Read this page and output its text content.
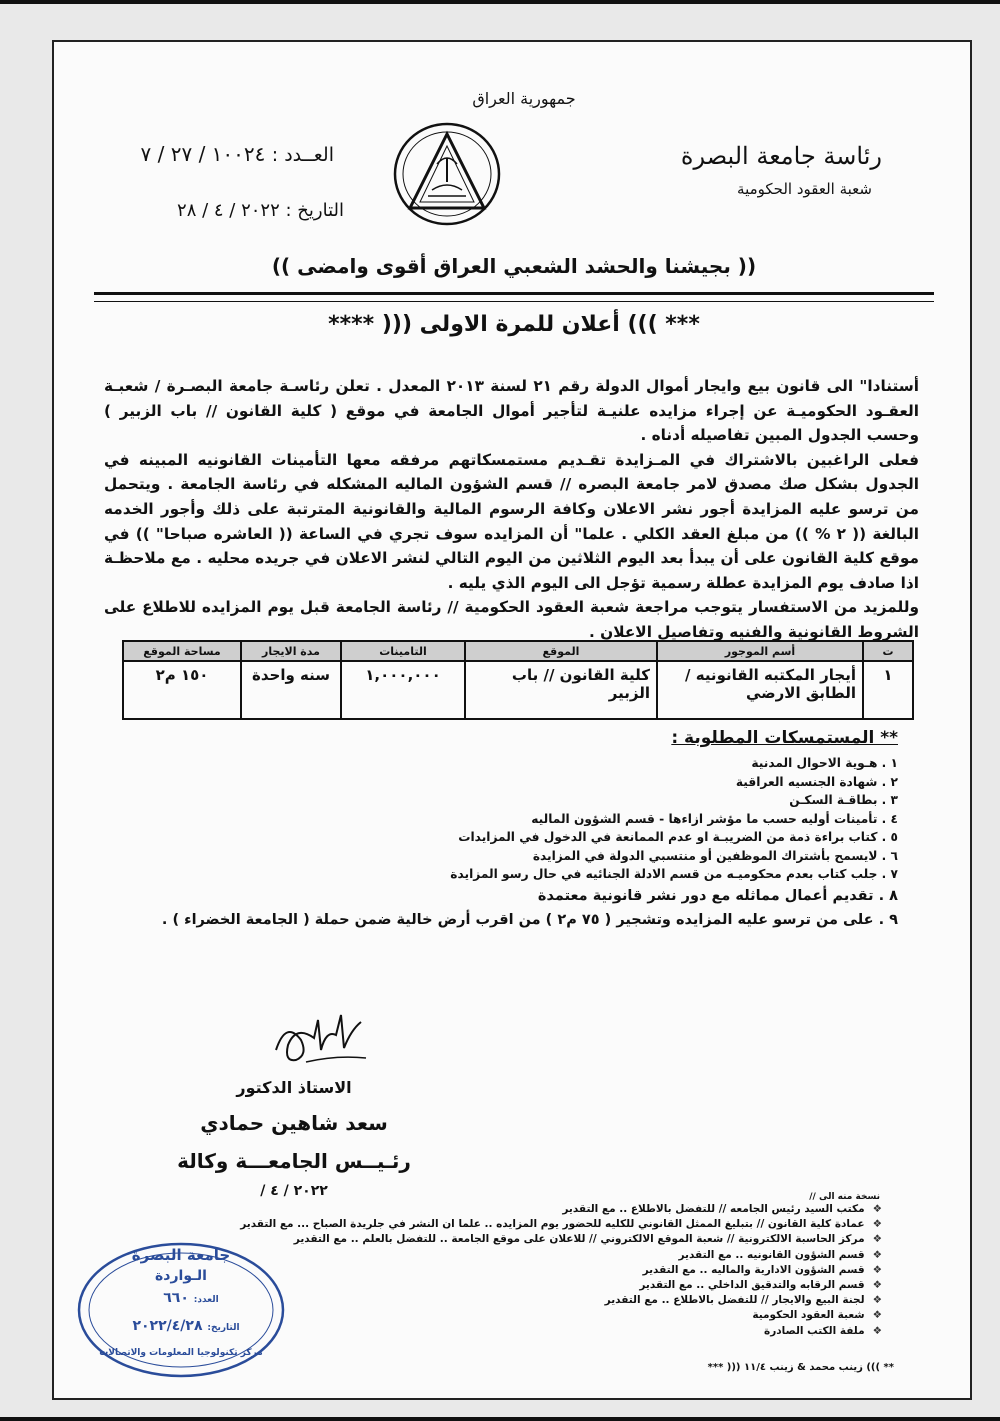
جمهورية العراق
رئاسة جامعة البصرة
شعبة العقود الحكومية
العــدد : ١٠٠٢٤ / ٢٧ / ٧
التاريخ : ٢٠٢٢ / ٤ / ٢٨
(( بجيشنا والحشد الشعبي العراق أقوى وامضى ))
*** ))) أعلان للمرة الاولى ((( ****

أستنادا" الى قانون بيع وايجار أموال الدولة رقم ٢١ لسنة ٢٠١٣ المعدل . تعلن رئاسـة جامعة البصـرة / شعبـة العقـود الحكوميـة عن إجراء مزايده علنيـة لتأجير أموال الجامعة في موقع ( كلية القانون // باب الزبير ) وحسب الجدول المبين تفاصيله أدناه .

فعلى الراغبين بالاشتراك في المـزايدة تقـديم مستمسكاتهم مرفقه معها التأمينات القانونيه المبينه في الجدول بشكل صك مصدق لامر جامعة البصره // قسم الشؤون الماليه المشكله في رئاسة الجامعة . ويتحمل من ترسو عليه المزايدة أجور نشر الاعلان وكافة الرسوم المالية والقانونية المترتبة على ذلك وأجور الخدمه البالغة (( ٢ % )) من مبلغ العقد الكلي . علما" أن المزايده سوف تجري في الساعة (( العاشره صباحا" )) في موقع كلية القانون على أن يبدأ بعد اليوم الثلاثين من اليوم التالي لنشر الاعلان في جريده محليه . مع ملاحظـة اذا صادف يوم المزايدة عطلة رسمية تؤجل الى اليوم الذي يليه .

وللمزيد من الاستفسار يتوجب مراجعة شعبة العقود الحكومية // رئاسة الجامعة قبل يوم المزايده للاطلاع على الشروط القانونية والفنيه وتفاصيل الاعلان .

ت	أسم الموجور	الموقع	التامينات	مدة الايجار	مساحة الموقع
١	أيجار المكتبه القانونيه / الطابق الارضي	كلية القانون // باب الزبير	١,٠٠٠,٠٠٠	سنه واحدة	١٥٠ م٢
** المستمسكات المطلوبة :
١ . هـوية الاحوال المدنية
٢ . شهادة الجنسيه العراقية
٣ . بطاقـة السكـن
٤ . تأمينات أوليه حسب ما مؤشر ازاءها - قسم الشؤون الماليه
٥ . كتاب براءة ذمة من الضريبـة او عدم الممانعة في الدخول في المزايدات
٦ . لايسمح بأشتراك الموظفين أو منتسبي الدولة في المزايدة
٧ . جلب كتاب بعدم محكوميـه من قسم الادلة الجنائيه في حال رسو المزايدة
٨ . تقديم أعمال مماثله مع دور نشر قانونية معتمدة
٩ . على من ترسو عليه المزايده وتشجير ( ٧٥ م٢ ) من اقرب أرض خالية ضمن حملة ( الجامعة الخضراء ) .
الاستاذ الدكتور
سعد شاهين حمادي
رئـيــس الجامعـــة وكالة
٢٠٢٢ / ٤ /	نسخة منه الى //
❖مكتب السيد رئيس الجامعه // للتفضل بالاطلاع .. مع التقدير
❖عمادة كلية القانون // بتبليغ الممثل القانوني للكليه للحضور يوم المزايده .. علما ان النشر في جلريدة الصباح ... مع التقدير
❖مركز الحاسبة الالكترونية // شعبة الموقع الالكتروني // للاعلان على موقع الجامعة .. للتفضل بالعلم .. مع التقدير
❖قسم الشؤون القانونيه .. مع التقدير
❖قسم الشؤون الادارية والماليه .. مع التقدير
❖قسم الرقابه والتدقيق الداخلي .. مع التقدير
❖لجنة البيع والايجار // للتفضل بالاطلاع .. مع التقدير
❖شعبة العقود الحكومية
❖ملفة الكتب الصادرة
جامعة البصرة
الـواردة
العدد: ٦٦٠
التاريخ: ٢٠٢٢/٤/٢٨
مركز تكنولوجيا المعلومات والاتصالات
** ))) زينب محمد & زينب ١١/٤ ((( ***
